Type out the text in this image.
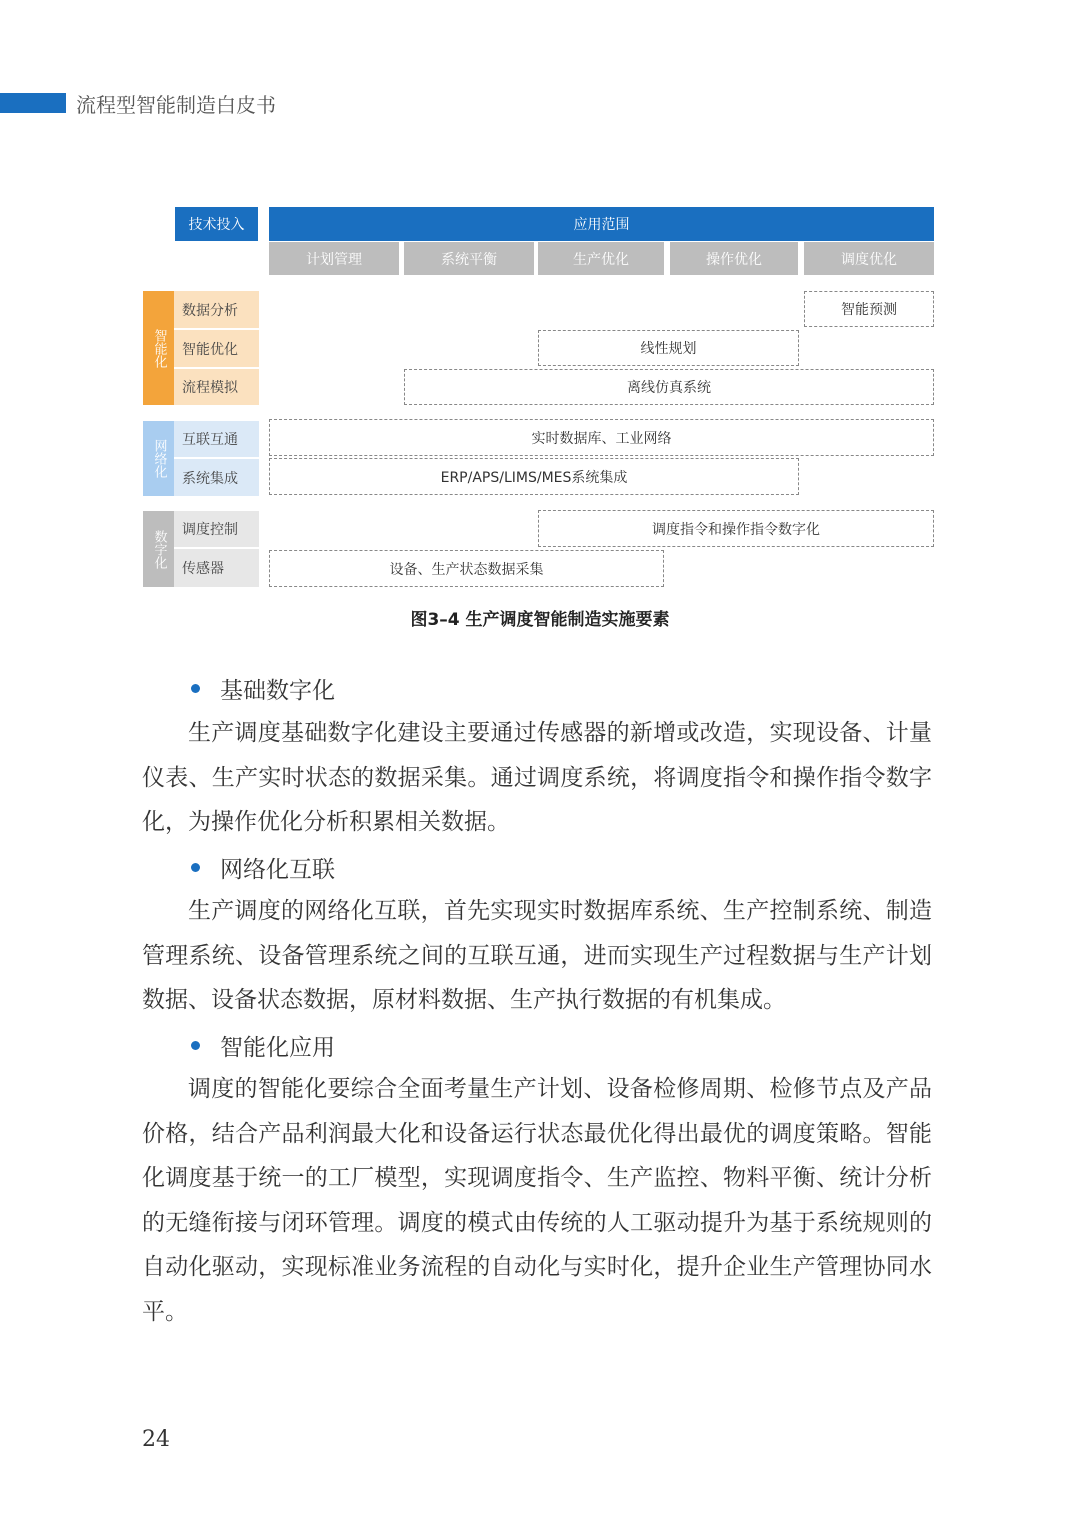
流程型智能制造白皮书
技术投入	应用范围
计划管理	系统平衡	生产优化	操作优化	调度优化
智能化
网络化
数字化
数据分析
智能优化
流程模拟
互联互通
系统集成
调度控制
传感器
智能预测
线性规划
离线仿真系统
实时数据库、工业网络
ERP/APS/LIMS/MES系统集成
调度指令和操作指令数字化
设备、生产状态数据采集
图3–4 生产调度智能制造实施要素
基础数字化
生产调度基础数字化建设主要通过传感器的新增或改造，实现设备、计量仪表、生产实时状态的数据采集。通过调度系统，将调度指令和操作指令数字化，为操作优化分析积累相关数据。
网络化互联
生产调度的网络化互联，首先实现实时数据库系统、生产控制系统、制造管理系统、设备管理系统之间的互联互通，进而实现生产过程数据与生产计划数据、设备状态数据，原材料数据、生产执行数据的有机集成。
智能化应用
调度的智能化要综合全面考量生产计划、设备检修周期、检修节点及产品价格，结合产品利润最大化和设备运行状态最优化得出最优的调度策略。智能化调度基于统一的工厂模型，实现调度指令、生产监控、物料平衡、统计分析的无缝衔接与闭环管理。调度的模式由传统的人工驱动提升为基于系统规则的自动化驱动，实现标准业务流程的自动化与实时化，提升企业生产管理协同水平。
24
